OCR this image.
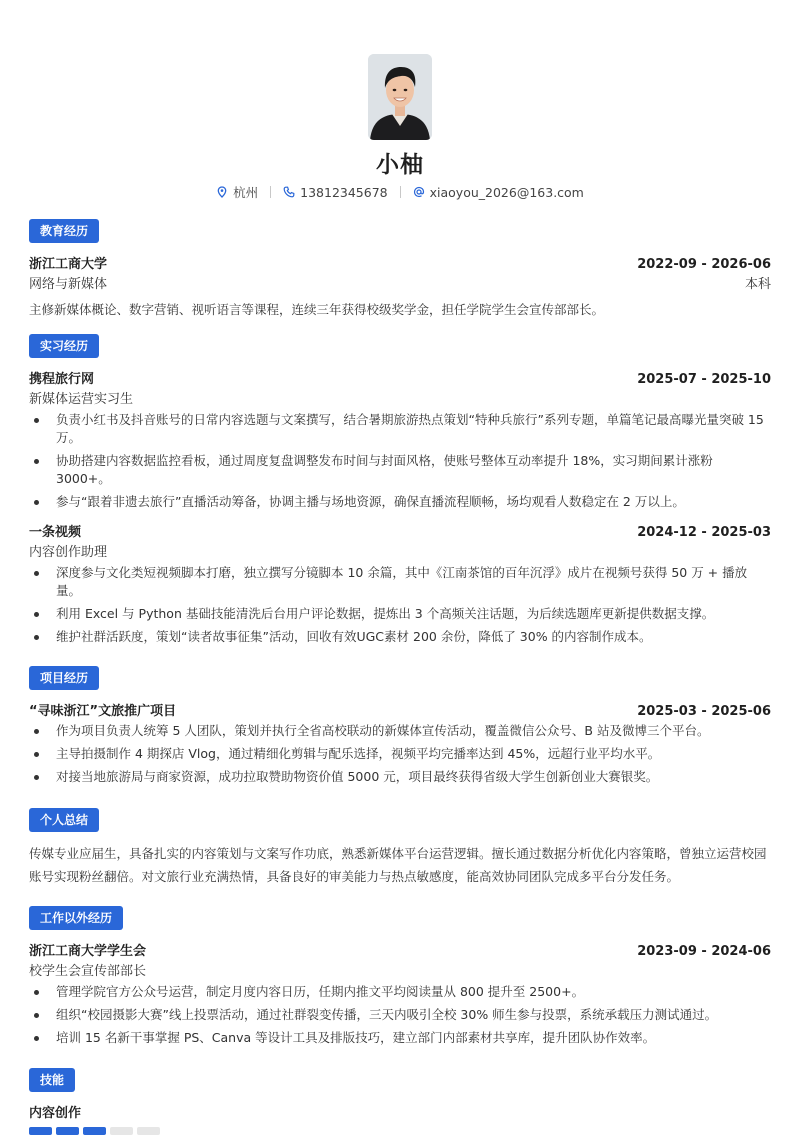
小柚
杭州	13812345678	xiaoyou_2026@163.com
教育经历
浙江工商大学	2022-09 - 2026-06
网络与新媒体	本科
主修新媒体概论、数字营销、视听语言等课程，连续三年获得校级奖学金，担任学院学生会宣传部部长。
实习经历
携程旅行网	2025-07 - 2025-10
新媒体运营实习生
负责小红书及抖音账号的日常内容选题与文案撰写，结合暑期旅游热点策划“特种兵旅行”系列专题，单篇笔记最高曝光量突破 15 万。
协助搭建内容数据监控看板，通过周度复盘调整发布时间与封面风格，使账号整体互动率提升 18%，实习期间累计涨粉 3000+。
参与“跟着非遗去旅行”直播活动筹备，协调主播与场地资源，确保直播流程顺畅，场均观看人数稳定在 2 万以上。
一条视频	2024-12 - 2025-03
内容创作助理
深度参与文化类短视频脚本打磨，独立撰写分镜脚本 10 余篇，其中《江南茶馆的百年沉浮》成片在视频号获得 50 万 + 播放量。
利用 Excel 与 Python 基础技能清洗后台用户评论数据，提炼出 3 个高频关注话题，为后续选题库更新提供数据支撑。
维护社群活跃度，策划“读者故事征集”活动，回收有效UGC素材 200 余份，降低了 30% 的内容制作成本。
项目经历
“寻味浙江”文旅推广项目	2025-03 - 2025-06
作为项目负责人统筹 5 人团队，策划并执行全省高校联动的新媒体宣传活动，覆盖微信公众号、B 站及微博三个平台。
主导拍摄制作 4 期探店 Vlog，通过精细化剪辑与配乐选择，视频平均完播率达到 45%，远超行业平均水平。
对接当地旅游局与商家资源，成功拉取赞助物资价值 5000 元，项目最终获得省级大学生创新创业大赛银奖。
个人总结
传媒专业应届生，具备扎实的内容策划与文案写作功底，熟悉新媒体平台运营逻辑。擅长通过数据分析优化内容策略，曾独立运营校园账号实现粉丝翻倍。对文旅行业充满热情，具备良好的审美能力与热点敏感度，能高效协同团队完成多平台分发任务。
工作以外经历
浙江工商大学学生会	2023-09 - 2024-06
校学生会宣传部部长
管理学院官方公众号运营，制定月度内容日历，任期内推文平均阅读量从 800 提升至 2500+。
组织“校园摄影大赛”线上投票活动，通过社群裂变传播，三天内吸引全校 30% 师生参与投票，系统承载压力测试通过。
培训 15 名新干事掌握 PS、Canva 等设计工具及排版技巧，建立部门内部素材共享库，提升团队协作效率。
技能
内容创作
